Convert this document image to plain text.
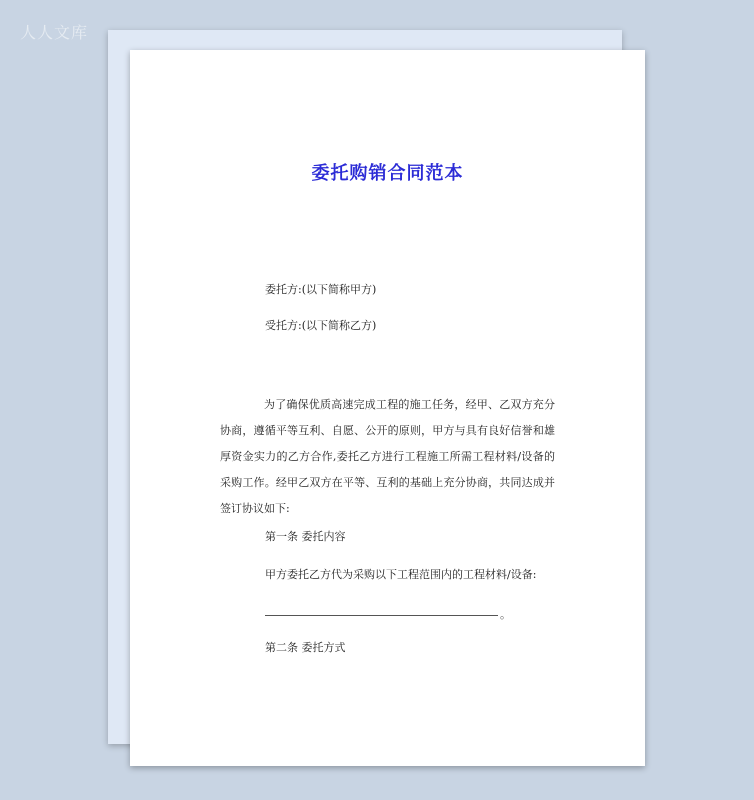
人人文库
委托购销合同范本
委托方:(以下简称甲方)
受托方:(以下简称乙方)
为了确保优质高速完成工程的施工任务，经甲、乙双方充分协商，遵循平等互利、自愿、公开的原则，甲方与具有良好信誉和雄厚资金实力的乙方合作,委托乙方进行工程施工所需工程材料/设备的采购工作。经甲乙双方在平等、互利的基础上充分协商，共同达成并签订协议如下:
第一条 委托内容
甲方委托乙方代为采购以下工程范围内的工程材料/设备:
。
第二条 委托方式
